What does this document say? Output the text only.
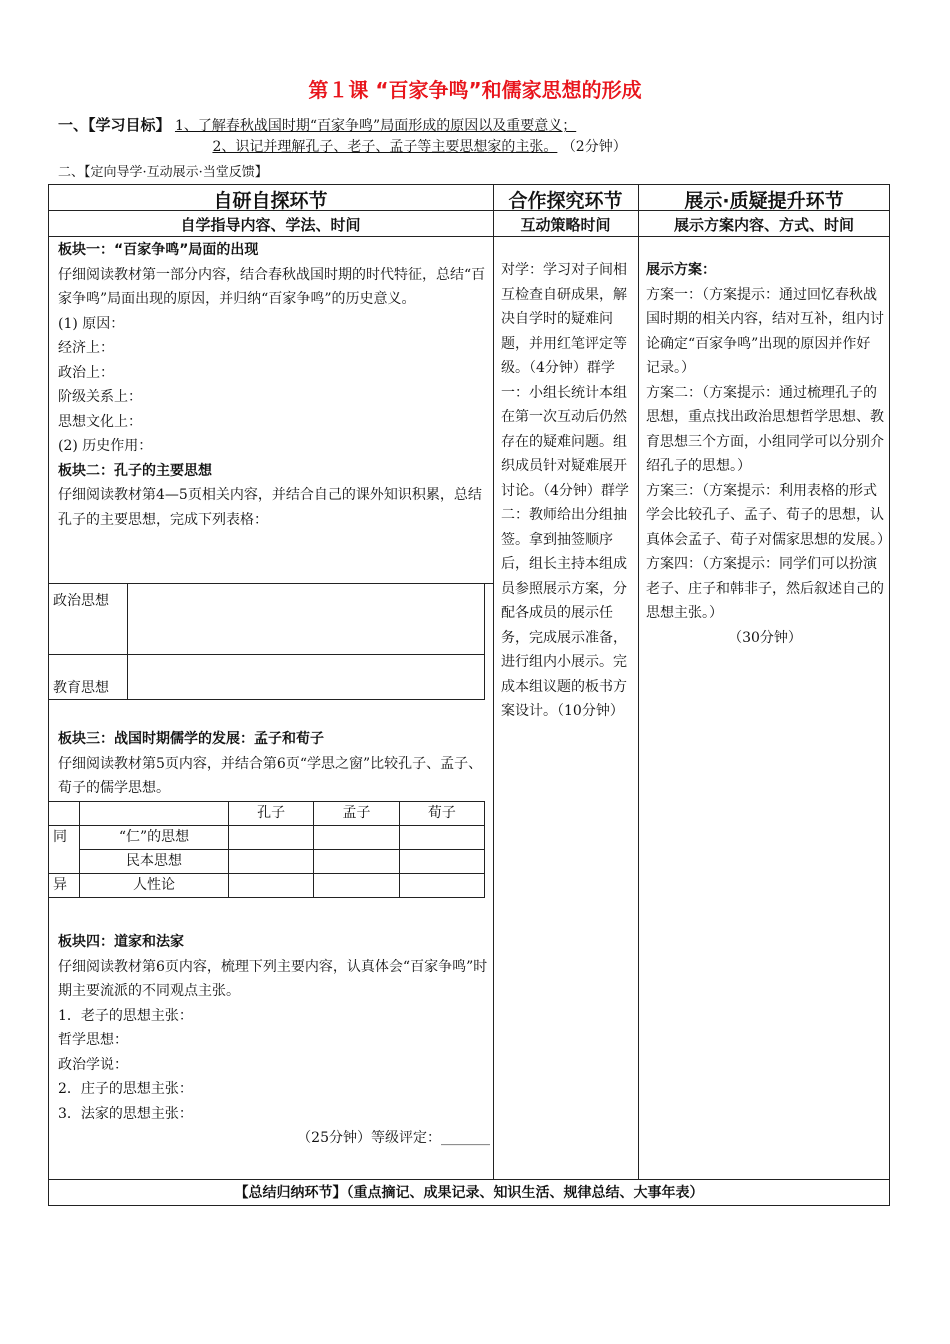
第１课 “百家争鸣”和儒家思想的形成
一、【学习目标】 1、了解春秋战国时期“百家争鸣”局面形成的原因以及重要意义；
2、识记并理解孔子、老子、孟子等主要思想家的主张。 （2分钟）
二、【定向导学·互动展示·当堂反馈】
自研自探环节	合作探究环节	展示·质疑提升环节
自学指导内容、学法、时间	互动策略时间	展示方案内容、方式、时间
板块一：“百家争鸣”局面的出现
仔细阅读教材第一部分内容，结合春秋战国时期的时代特征，总结“百家争鸣”局面出现的原因，并归纳“百家争鸣”的历史意义。
(1) 原因：
经济上：
政治上：
阶级关系上：
思想文化上：
(2) 历史作用：
板块二：孔子的主要思想
仔细阅读教材第4—5页相关内容，并结合自己的课外知识积累，总结孔子的主要思想，完成下列表格：
政治思想	
教育思想	
板块三：战国时期儒学的发展：孟子和荀子
仔细阅读教材第5页内容，并结合第6页“学思之窗”比较孔子、孟子、荀子的儒学思想。
		孔子	孟子	荀子
同	“仁”的思想			
	民本思想			
异	人性论			
板块四：道家和法家
仔细阅读教材第6页内容，梳理下列主要内容，认真体会“百家争鸣”时期主要流派的不同观点主张。
1．老子的思想主张：
哲学思想：
政治学说：
2．庄子的思想主张：
3．法家的思想主张：
（25分钟）等级评定：_______
对学：学习对子间相互检查自研成果，解决自学时的疑难问题，并用红笔评定等级。（4分钟）群学一：小组长统计本组在第一次互动后仍然存在的疑难问题。组织成员针对疑难展开讨论。（4分钟）群学二：教师给出分组抽签。拿到抽签顺序后，组长主持本组成员参照展示方案，分配各成员的展示任务，完成展示准备，进行组内小展示。完成本组议题的板书方案设计。（10分钟）
展示方案：
方案一：（方案提示：通过回忆春秋战国时期的相关内容，结对互补，组内讨论确定“百家争鸣”出现的原因并作好记录。）
方案二：（方案提示：通过梳理孔子的思想，重点找出政治思想哲学思想、教育思想三个方面，小组同学可以分别介绍孔子的思想。）
方案三：（方案提示：利用表格的形式学会比较孔子、孟子、荀子的思想，认真体会孟子、荀子对儒家思想的发展。）
方案四：（方案提示：同学们可以扮演老子、庄子和韩非子，然后叙述自己的思想主张。）
（30分钟）
【总结归纳环节】（重点摘记、成果记录、知识生活、规律总结、大事年表）
